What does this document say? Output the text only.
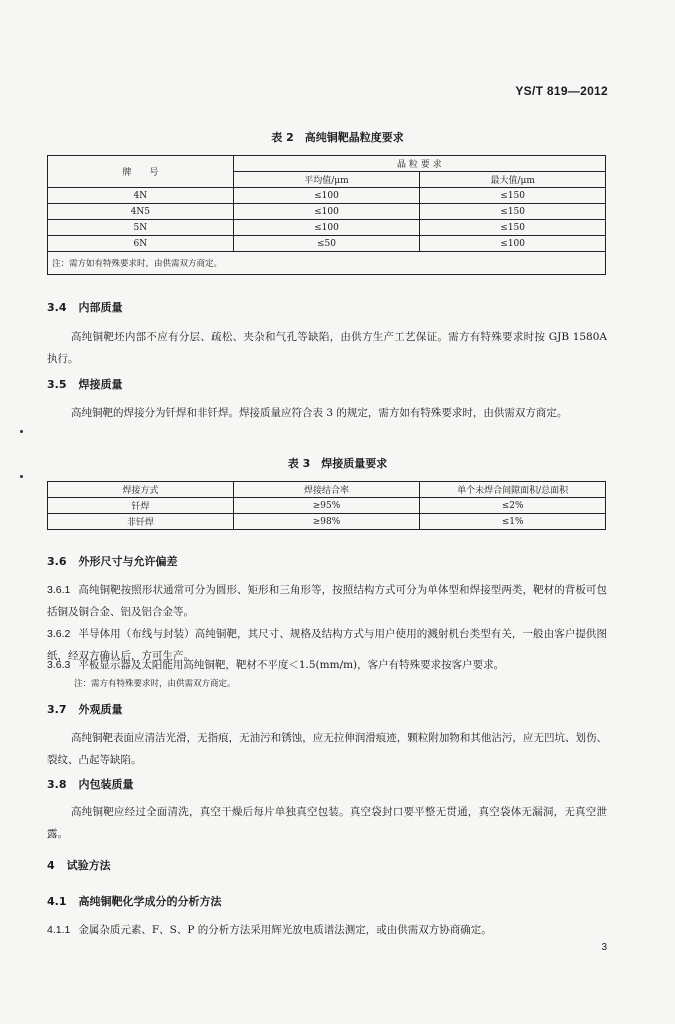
YS/T 819—2012
表 2　高纯铜靶晶粒度要求
牌　　号	晶 粒 要 求	
	平均值/μm	最大值/μm
4N	≤100	≤150
4N5	≤100	≤150
5N	≤100	≤150
6N	≤50	≤100
注：需方如有特殊要求时，由供需双方商定。		
3.4 内部质量
高纯铜靶坯内部不应有分层、疏松、夹杂和气孔等缺陷，由供方生产工艺保证。需方有特殊要求时按 GJB 1580A 执行。
3.5 焊接质量
高纯铜靶的焊接分为钎焊和非钎焊。焊接质量应符合表 3 的规定，需方如有特殊要求时，由供需双方商定。
表 3　焊接质量要求
焊接方式	焊接结合率	单个未焊合间隙面积/总面积
钎焊	≥95%	≤2%
非钎焊	≥98%	≤1%
3.6 外形尺寸与允许偏差
3.6.1 高纯铜靶按照形状通常可分为圆形、矩形和三角形等，按照结构方式可分为单体型和焊接型两类，靶材的背板可包括铜及铜合金、铝及铝合金等。
3.6.2 半导体用（布线与封装）高纯铜靶，其尺寸、规格及结构方式与用户使用的溅射机台类型有关，一般由客户提供图纸，经双方确认后，方可生产。
3.6.3 平板显示器及太阳能用高纯铜靶，靶材不平度＜1.5(mm/m)，客户有特殊要求按客户要求。
注：需方有特殊要求时，由供需双方商定。
3.7 外观质量
高纯铜靶表面应清洁光滑，无指痕，无油污和锈蚀，应无拉伸润滑痕迹，颗粒附加物和其他沾污，应无凹坑、划伤、裂纹、凸起等缺陷。
3.8 内包装质量
高纯铜靶应经过全面清洗，真空干燥后每片单独真空包装。真空袋封口要平整无贯通，真空袋体无漏洞，无真空泄露。
4 试验方法
4.1 高纯铜靶化学成分的分析方法
4.1.1 金属杂质元素、F、S、P 的分析方法采用辉光放电质谱法测定，或由供需双方协商确定。
3
